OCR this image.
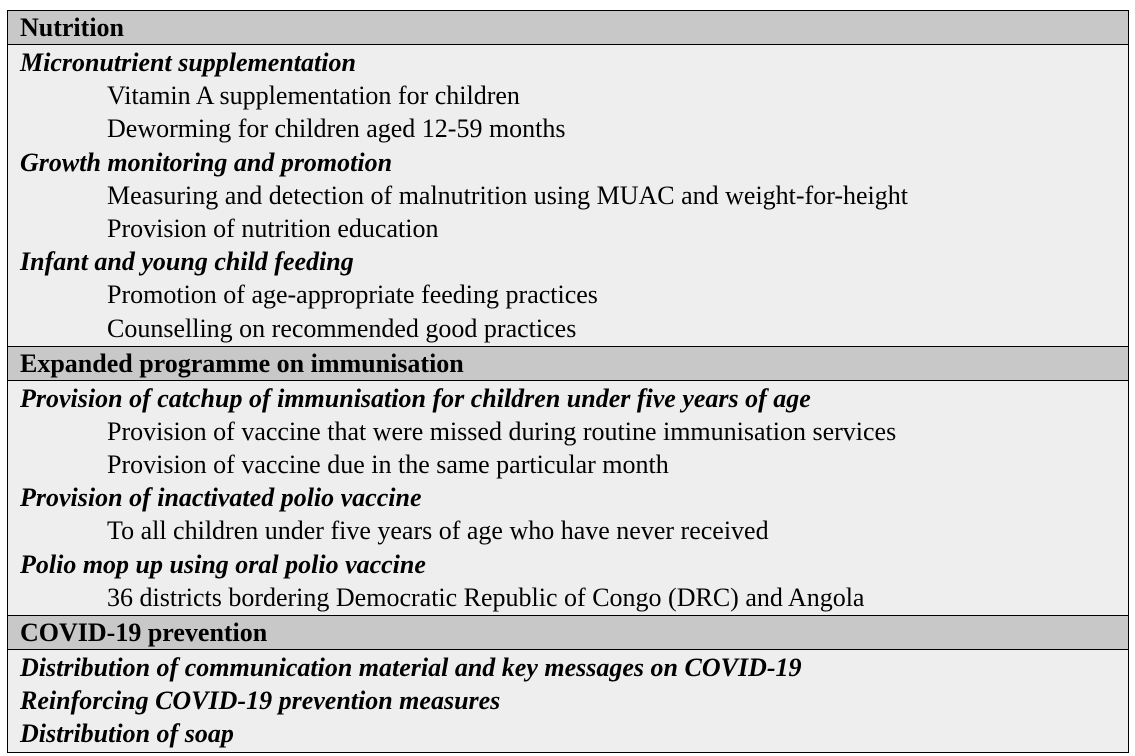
Nutrition
Micronutrient supplementation
Vitamin A supplementation for children
Deworming for children aged 12-59 months
Growth monitoring and promotion
Measuring and detection of malnutrition using MUAC and weight-for-height
Provision of nutrition education
Infant and young child feeding
Promotion of age-appropriate feeding practices
Counselling on recommended good practices
Expanded programme on immunisation
Provision of catchup of immunisation for children under five years of age
Provision of vaccine that were missed during routine immunisation services
Provision of vaccine due in the same particular month
Provision of inactivated polio vaccine
To all children under five years of age who have never received
Polio mop up using oral polio vaccine
36 districts bordering Democratic Republic of Congo (DRC) and Angola
COVID-19 prevention
Distribution of communication material and key messages on COVID-19
Reinforcing COVID-19 prevention measures
Distribution of soap
